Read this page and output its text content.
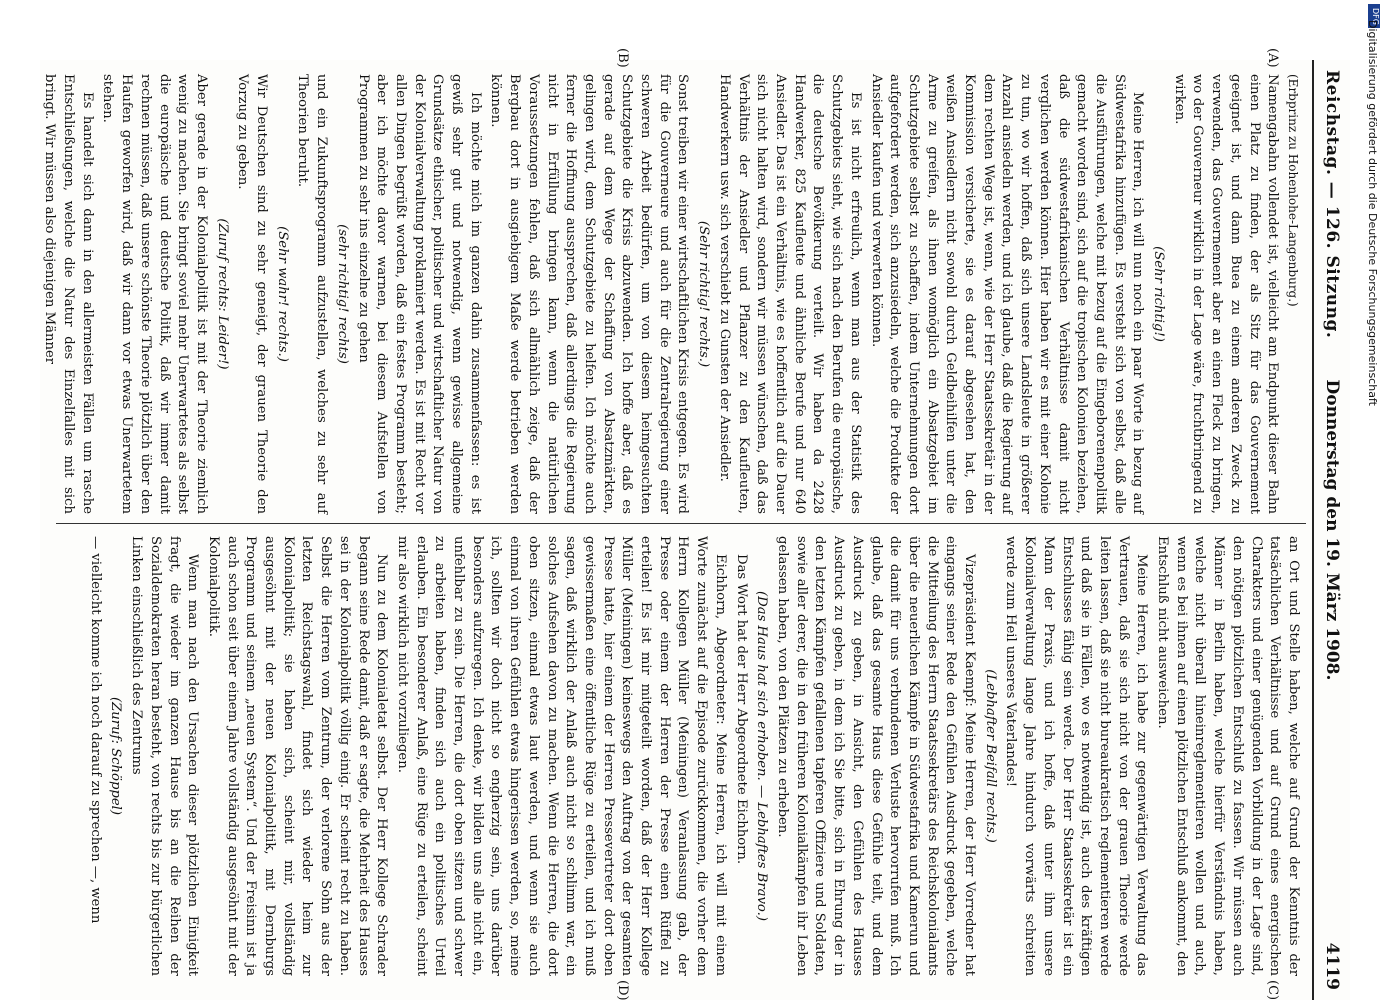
Reichstag. — 126. Sitzung.
Donnerstag den 19. März 1908.
4119
(A)
(B)
(C)
(D)

(Erbprinz zu Hohenlohe-Langenburg.)

Namengabahn vollendet ist, vielleicht am Endpunkt dieser Bahn einen Platz zu finden, der als Sitz für das Gouvernement geeignet ist, und dann Buea zu einem anderen Zweck zu verwenden, das Gouvernement aber an einen Fleck zu bringen, wo der Gouverneur wirklich in der Lage wäre, fruchtbringend zu wirken.

(Sehr richtig!)

Meine Herren, ich will nun noch ein paar Worte in bezug auf Südwestafrika hinzufügen. Es versteht sich von selbst, daß alle die Ausführungen, welche mit bezug auf die Eingeborenenpolitik gemacht worden sind, sich auf die tropischen Kolonien beziehen, daß die südwestafrikanischen Verhältnisse damit nicht verglichen werden können. Hier haben wir es mit einer Kolonie zu tun, wo wir hoffen, daß sich unsere Landsleute in größerer Anzahl ansiedeln werden, und ich glaube, daß die Regierung auf dem rechten Wege ist, wenn, wie der Herr Staatssekretär in der Kommission versicherte, sie es darauf abgesehen hat, den weißen Ansiedlern nicht sowohl durch Geldbeihilfen unter die Arme zu greifen, als ihnen womöglich ein Absatzgebiet im Schutzgebiete selbst zu schaffen, indem Unternehmungen dort aufgefordert werden, sich anzusiedeln, welche die Produkte der Ansiedler kaufen und verwerten können.

Es ist nicht erfreulich, wenn man aus der Statistik des Schutzgebiets sieht, wie sich nach den Berufen die europäische, die deutsche Bevölkerung verteilt. Wir haben da 2428 Handwerker, 825 Kaufleute und ähnliche Berufe und nur 640 Ansiedler. Das ist ein Verhältnis, wie es hoffentlich auf die Dauer sich nicht halten wird, sondern wir müssen wünschen, daß das Verhältnis der Ansiedler und Pflanzer zu den Kaufleuten, Handwerkern usw. sich verschiebt zu Gunsten der Ansiedler.

(Sehr richtig! rechts.)

Sonst treiben wir einer wirtschaftlichen Krisis entgegen. Es wird für die Gouverneure und auch für die Zentralregierung einer schweren Arbeit bedürfen, um von diesem heimgesuchten Schutzgebiete die Krisis abzuwenden. Ich hoffe aber, daß es gerade auf dem Wege der Schaffung von Absatzmärkten, gelingen wird, dem Schutzgebiete zu helfen. Ich möchte auch ferner die Hoffnung aussprechen, daß allerdings die Regierung nicht in Erfüllung bringen kann, wenn die natürlichen Voraussetzungen fehlen, daß sich allmählich zeige, daß der Bergbau dort in ausgiebigem Maße werde betrieben werden können.

Ich möchte mich im ganzen dahin zusammenfassen: es ist gewiß sehr gut und notwendig, wenn gewisse allgemeine Grundsätze ethischer, politischer und wirtschaftlicher Natur von der Kolonialverwaltung proklamiert werden. Es ist mit Recht vor allen Dingen begrüßt worden, daß ein festes Programm besteht; aber ich möchte davor warnen, bei diesem Aufstellen von Programmen zu sehr ins einzelne zu gehen

(sehr richtig! rechts)

und ein Zukunftsprogramm aufzustellen, welches zu sehr auf Theorien beruht.

(Sehr wahr! rechts.)

Wir Deutschen sind zu sehr geneigt, der grauen Theorie den Vorzug zu geben.

(Zuruf rechts: Leider!)

Aber gerade in der Kolonialpolitik ist mit der Theorie ziemlich wenig zu machen. Sie bringt soviel mehr Unerwartetes als selbst die europäische und deutsche Politik, daß wir immer damit rechnen müssen, daß unsere schönste Theorie plötzlich über den Haufen geworfen wird, daß wir dann vor etwas Unerwartetem stehen.

Es handelt sich dann in den allermeisten Fällen um rasche Entschließungen, welche die Natur des Einzelfalles mit sich bringt. Wir müssen also diejenigen Männer

an Ort und Stelle haben, welche auf Grund der Kenntnis der tatsächlichen Verhältnisse und auf Grund eines energischen Charakters und einer genügenden Vorbildung in der Lage sind, den nötigen plötzlichen Entschluß zu fassen. Wir müssen auch Männer in Berlin haben, welche hierfür Verständnis haben, welche nicht überall hineinreglementieren wollen und auch, wenn es bei ihnen auf einen plötzlichen Entschluß ankommt, den Entschluß nicht ausweichen.

Meine Herren, ich habe zur gegenwärtigen Verwaltung das Vertrauen, daß sie sich nicht von der grauen Theorie werde leiten lassen, daß sie nicht bureaukratisch reglementieren werde und daß sie in Fällen, wo es notwendig ist, auch des kräftigen Entschlusses fähig sein werde. Der Herr Staatssekretär ist ein Mann der Praxis, und ich hoffe, daß unter ihm unsere Kolonialverwaltung lange Jahre hindurch vorwärts schreiten werde zum Heil unseres Vaterlandes!

(Lebhafter Beifall rechts.)

Vizepräsident Kaempf: Meine Herren, der Herr Vorredner hat eingangs seiner Rede den Gefühlen Ausdruck gegeben, welche die Mitteilung des Herrn Staatssekretärs des Reichskolonialamts über die neuerlichen Kämpfe in Südwestafrika und Kamerun und die damit für uns verbundenen Verluste hervorrufen muß. Ich glaube, daß das gesamte Haus diese Gefühle teilt, und dem Ausdruck zu geben, in Ansicht, den Gefühlen des Hauses Ausdruck zu geben, in dem ich Sie bitte, sich in Ehrung der in den letzten Kämpfen gefallenen tapferen Offiziere und Soldaten, sowie aller derer, die in den früheren Kolonialkämpfen ihr Leben gelassen haben, von den Plätzen zu erheben.

(Das Haus hat sich erhoben. — Lebhaftes Bravo.)

Das Wort hat der Herr Abgeordnete Eichhorn.

Eichhorn, Abgeordneter: Meine Herren, ich will mit einem Worte zunächst auf die Episode zurückkommen, die vorher dem Herrn Kollegen Müller (Meiningen) Veranlassung gab, der Presse oder einem der Herren der Presse einen Rüffel zu erteilen! Es ist mir mitgeteilt worden, daß der Herr Kollege Müller (Meiningen) keineswegs den Auftrag von der gesamten Presse hatte, hier einem der Herren Pressevertreter dort oben gewissermaßen eine öffentliche Rüge zu erteilen, und ich muß sagen, daß wirklich der Anlaß auch nicht so schlimm war, ein solches Aufsehen davon zu machen. Wenn die Herren, die dort oben sitzen, einmal etwas laut werden, und wenn sie auch einmal von ihren Gefühlen etwas hingerissen werden, so, meine ich, sollten wir doch nicht so engherzig sein, uns darüber besonders aufzuregen. Ich denke, wir bilden uns alle nicht ein, unfehlbar zu sein. Die Herren, die dort oben sitzen und schwer zu arbeiten haben, finden sich auch ein politisches Urteil erlauben. Ein besonderer Anlaß, eine Rüge zu erteilen, scheint mir also wirklich nicht vorzuliegen.

Nun zu dem Kolonialetat selbst. Der Herr Kollege Schrader begann seine Rede damit, daß er sagte, die Mehrheit des Hauses sei in der Kolonialpolitik völlig einig. Er scheint recht zu haben. Selbst die Herren vom Zentrum, der verlorene Sohn aus der letzten Reichstagswahl, findet sich wieder heim zur Kolonialpolitik; sie haben sich, scheint mir, vollständig ausgesöhnt mit der neuen Kolonialpolitik, mit Dernburgs Programm und seinem „neuen System“. Und der Freisinn ist ja auch schon seit über einem Jahre vollständig ausgesöhnt mit der Kolonialpolitik.

Wenn man nach den Ursachen dieser plötzlichen Einigkeit fragt, die wieder im ganzen Hause bis an die Reihen der Sozialdemokraten heran besteht, von rechts bis zur bürgerlichen Linken einschließlich des Zentrums

(Zuruf: Schöppel)

— vielleicht komme ich noch darauf zu sprechen —, wenn

DFG
Digitalisierung gefördert durch die Deutsche Forschungsgemeinschaft
